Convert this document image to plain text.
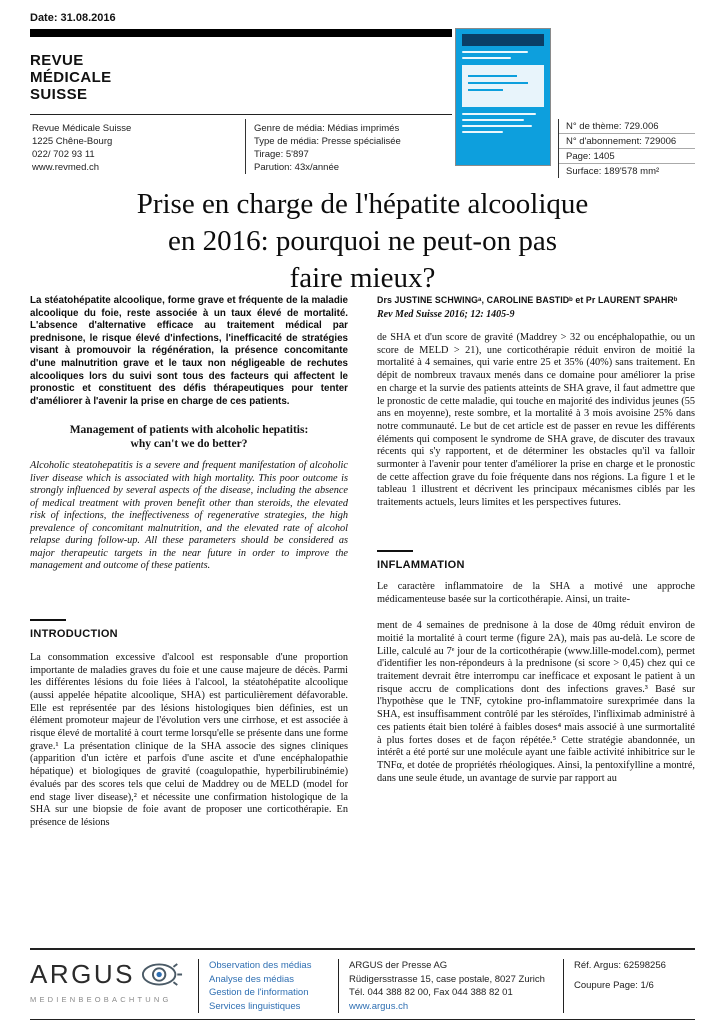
Date: 31.08.2016
REVUE
MÉDICALE
SUISSE
Revue Médicale Suisse
1225 Chêne-Bourg
022/ 702 93 11
www.revmed.ch
Genre de média: Médias imprimés
Type de média: Presse spécialisée
Tirage: 5'897
Parution: 43x/année
N° de thème: 729.006
N° d'abonnement: 729006
Page: 1405
Surface: 189'578 mm²
Prise en charge de l'hépatite alcoolique
en 2016: pourquoi ne peut-on pas
faire mieux?

La stéatohépatite alcoolique, forme grave et fréquente de la maladie alcoolique du foie, reste associée à un taux élevé de mortalité. L'absence d'alternative efficace au traitement médical par prednisone, le risque élevé d'infections, l'inefficacité de stratégies visant à promouvoir la régénération, la présence concomitante d'une malnutrition grave et le taux non négligeable de rechutes alcooliques lors du suivi sont tous des facteurs qui affectent le pronostic et constituent des défis thérapeutiques pour tenter d'améliorer à l'avenir la prise en charge de ces patients.

Management of patients with alcoholic hepatitis:
why can't we do better?

Alcoholic steatohepatitis is a severe and frequent manifestation of alcoholic liver disease which is associated with high mortality. This poor outcome is strongly influenced by several aspects of the disease, including the absence of medical treatment with proven benefit other than steroids, the elevated risk of infections, the ineffectiveness of regenerative strategies, the high prevalence of concomitant malnutrition, and the elevated rate of alcohol relapse during follow-up. All these parameters should be considered as major therapeutic targets in the near future in order to improve the management and outcome of these patients.

INTRODUCTION

La consommation excessive d'alcool est responsable d'une proportion importante de maladies graves du foie et une cause majeure de décès. Parmi les différentes lésions du foie liées à l'alcool, la stéatohépatite alcoolique (aussi appelée hépatite alcoolique, SHA) est particulièrement défavorable. Elle est représentée par des lésions histologiques bien définies, est un élément promoteur majeur de l'évolution vers une cirrhose, et est associée à risque élevé de mortalité à court terme lorsqu'elle se présente dans une forme grave.¹ La présentation clinique de la SHA associe des signes cliniques (apparition d'un ictère et parfois d'une ascite et d'une encéphalopathie hépatique) et biologiques de gravité (coagulopathie, hyperbilirubinémie) évalués par des scores tels que celui de Maddrey ou de MELD (model for end stage liver disease),² et nécessite une confirmation histologique de la SHA sur une biopsie de foie avant de proposer une corticothérapie. En présence de lésions

Drs JUSTINE SCHWINGᵃ, CAROLINE BASTIDᵇ et Pr LAURENT SPAHRᵇ

Rev Med Suisse 2016; 12: 1405-9

de SHA et d'un score de gravité (Maddrey > 32 ou encéphalopathie, ou un score de MELD > 21), une corticothérapie réduit environ de moitié la mortalité à 4 semaines, qui varie entre 25 et 35% (40%) sans traitement. En dépit de nombreux travaux menés dans ce domaine pour améliorer la prise en charge et la survie des patients atteints de SHA grave, il faut admettre que le pronostic de cette maladie, qui touche en majorité des individus jeunes (55 ans en moyenne), reste sombre, et la mortalité à 3 mois avoisine 25% dans notre communauté. Le but de cet article est de passer en revue les différents éléments qui composent le syndrome de SHA grave, de discuter des travaux récents qui s'y rapportent, et de déterminer les obstacles qu'il va falloir surmonter à l'avenir pour tenter d'améliorer la prise en charge et le pronostic de cette affection grave du foie fréquente dans nos régions. La figure 1 et le tableau 1 illustrent et décrivent les principaux mécanismes ciblés par les traitements actuels, leurs limites et les perspectives futures.

INFLAMMATION

Le caractère inflammatoire de la SHA a motivé une approche médicamenteuse basée sur la corticothérapie. Ainsi, un traite-

ment de 4 semaines de prednisone à la dose de 40mg réduit environ de moitié la mortalité à court terme (figure 2A), mais pas au-delà. Le score de Lille, calculé au 7ᵉ jour de la corticothérapie (www.lille-model.com), permet d'identifier les non-répondeurs à la prednisone (si score > 0,45) chez qui ce traitement devrait être interrompu car inefficace et exposant le patient à un risque accru de complications dont des infections graves.³ Basé sur l'hypothèse que le TNF, cytokine pro-inflammatoire surexprimée dans la SHA, est insuffisamment contrôlé par les stéroïdes, l'infliximab administré à ces patients était bien toléré à faibles doses⁴ mais associé à une surmortalité à plus fortes doses et de façon répétée.⁵ Cette stratégie abandonnée, un intérêt a été porté sur une molécule ayant une faible activité inhibitrice sur le TNFα, et dotée de propriétés rhéologiques. Ainsi, la pentoxifylline a montré, dans une seule étude, un avantage de survie par rapport au

ARGUS
MEDIENBEOBACHTUNG
Observation des médias
Analyse des médias
Gestion de l'information
Services linguistiques
ARGUS der Presse AG
Rüdigersstrasse 15, case postale, 8027 Zurich
Tél. 044 388 82 00, Fax 044 388 82 01
www.argus.ch
Réf. Argus: 62598256
Coupure Page: 1/6
